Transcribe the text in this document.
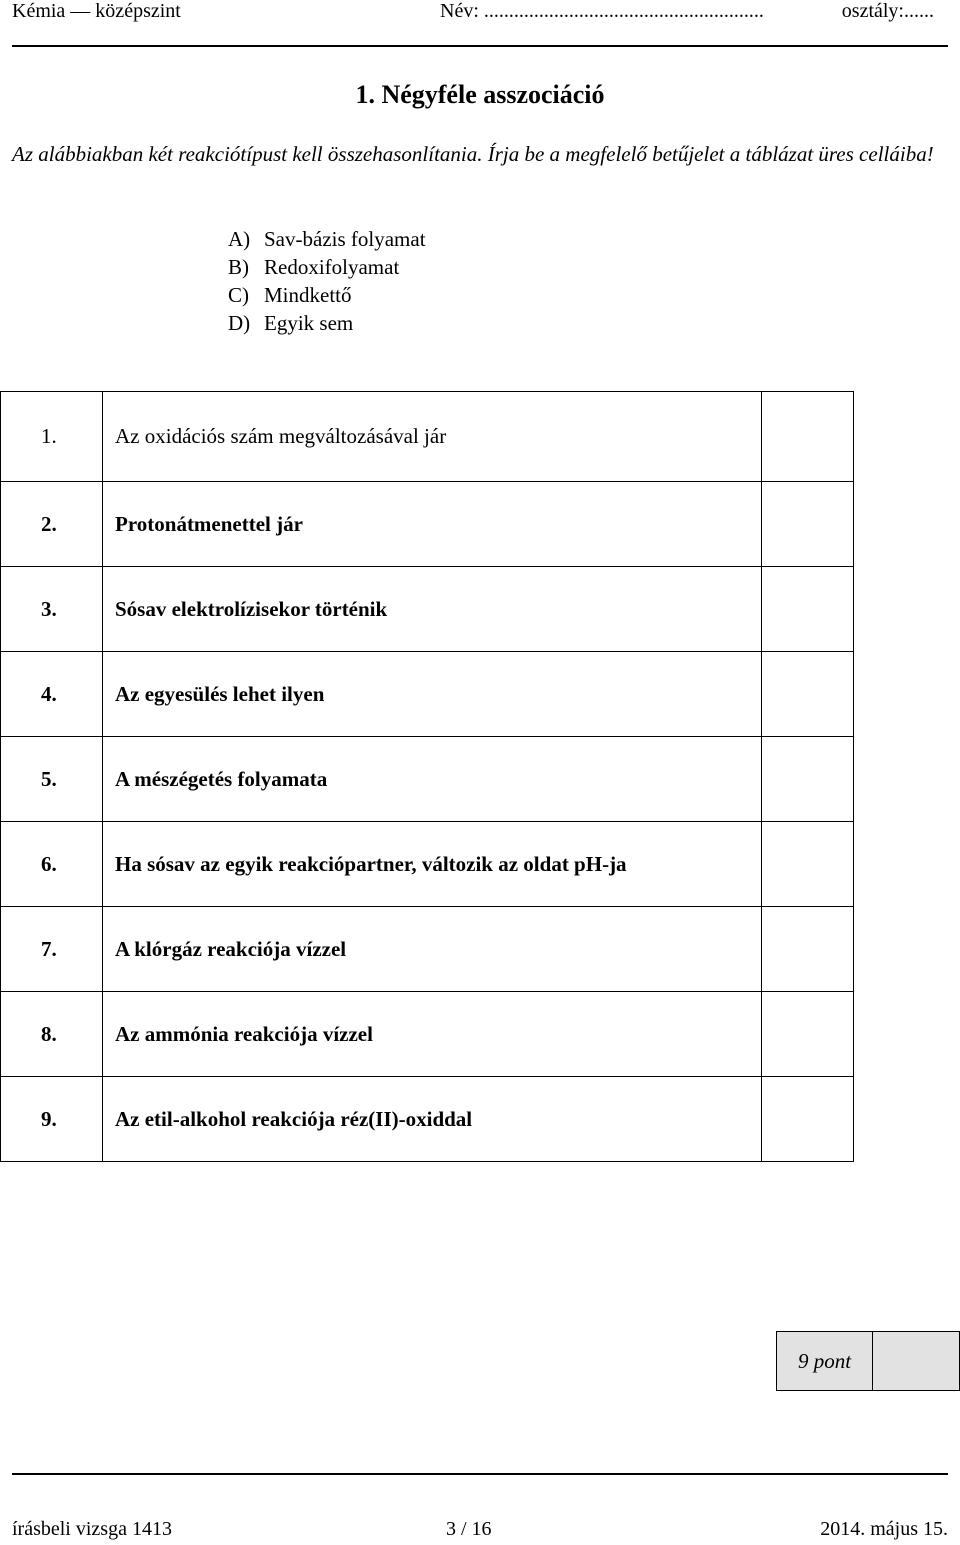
Kémia — középszint	Név: ........................................................	osztály:......
1. Négyféle asszociáció
Az alábbiakban két reakciótípust kell összehasonlítania. Írja be a megfelelő betűjelet a táblázat üres celláiba!
A) Sav-bázis folyamat
B) Redoxifolyamat
C) Mindkettő
D) Egyik sem
1.	Az oxidációs szám megváltozásával jár	
2.	Protonátmenettel jár	
3.	Sósav elektrolízisekor történik	
4.	Az egyesülés lehet ilyen	
5.	A mészégetés folyamata	
6.	Ha sósav az egyik reakciópartner, változik az oldat pH-ja	
7.	A klórgáz reakciója vízzel	
8.	Az ammónia reakciója vízzel	
9.	Az etil-alkohol reakciója réz(II)-oxiddal	
9 pont	
írásbeli vizsga 1413	3 / 16	2014. május 15.
